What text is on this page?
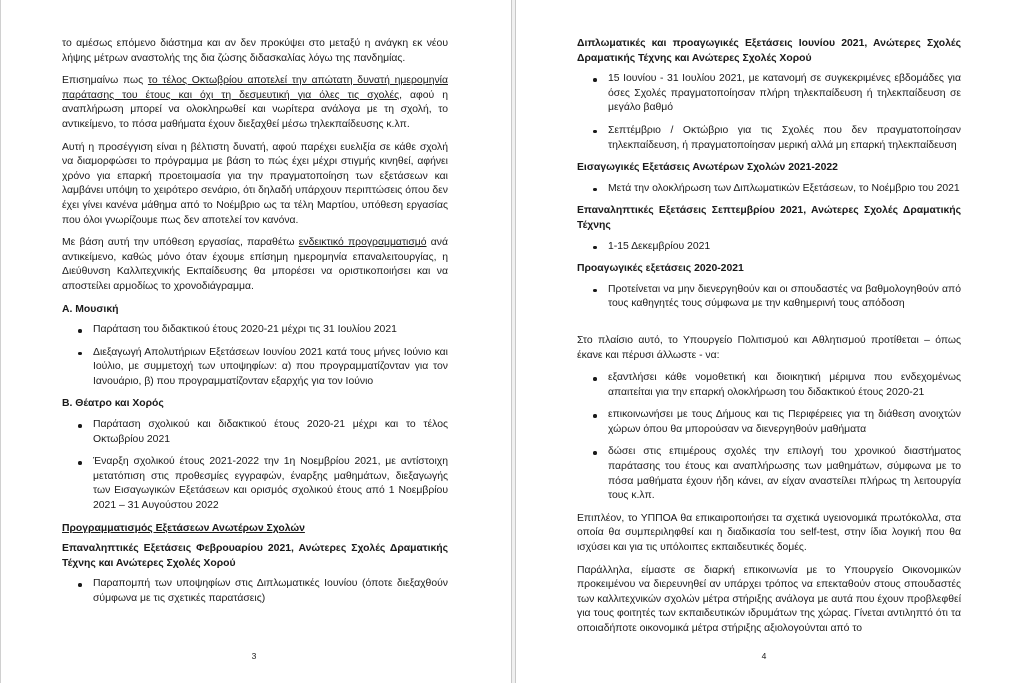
το αμέσως επόμενο διάστημα και αν δεν προκύψει στο μεταξύ η ανάγκη εκ νέου λήψης μέτρων αναστολής της δια ζώσης διδασκαλίας λόγω της πανδημίας.

Επισημαίνω πως το τέλος Οκτωβρίου αποτελεί την απώτατη δυνατή ημερομηνία παράτασης του έτους και όχι τη δεσμευτική για όλες τις σχολές, αφού η αναπλήρωση μπορεί να ολοκληρωθεί και νωρίτερα ανάλογα με τη σχολή, το αντικείμενο, το πόσα μαθήματα έχουν διεξαχθεί μέσω τηλεκπαίδευσης κ.λπ.

Αυτή η προσέγγιση είναι η βέλτιστη δυνατή, αφού παρέχει ευελιξία σε κάθε σχολή να διαμορφώσει το πρόγραμμα με βάση το πώς έχει μέχρι στιγμής κινηθεί, αφήνει χρόνο για επαρκή προετοιμασία για την πραγματοποίηση των εξετάσεων και λαμβάνει υπόψη το χειρότερο σενάριο, ότι δηλαδή υπάρχουν περιπτώσεις όπου δεν έχει γίνει κανένα μάθημα από το Νοέμβριο ως τα τέλη Μαρτίου, υπόθεση εργασίας που όλοι γνωρίζουμε πως δεν αποτελεί τον κανόνα.

Με βάση αυτή την υπόθεση εργασίας, παραθέτω ενδεικτικό προγραμματισμό ανά αντικείμενο, καθώς μόνο όταν έχουμε επίσημη ημερομηνία επαναλειτουργίας, η Διεύθυνση Καλλιτεχνικής Εκπαίδευσης θα μπορέσει να οριστικοποιήσει και να αποστείλει αρμοδίως το χρονοδιάγραμμα.

Α. Μουσική
Παράταση του διδακτικού έτους 2020-21 μέχρι τις 31 Ιουλίου 2021
Διεξαγωγή Απολυτήριων Εξετάσεων Ιουνίου 2021 κατά τους μήνες Ιούνιο και Ιούλιο, με συμμετοχή των υποψηφίων: α) που προγραμματίζονταν για τον Ιανουάριο, β) που προγραμματίζονταν εξαρχής για τον Ιούνιο
Β. Θέατρο και Χορός
Παράταση σχολικού και διδακτικού έτους 2020-21 μέχρι και το τέλος Οκτωβρίου 2021
Έναρξη σχολικού έτους 2021-2022 την 1η Νοεμβρίου 2021, με αντίστοιχη μετατόπιση στις προθεσμίες εγγραφών, έναρξης μαθημάτων, διεξαγωγής των Εισαγωγικών Εξετάσεων και ορισμός σχολικού έτους από 1 Νοεμβρίου 2021 – 31 Αυγούστου 2022
Προγραμματισμός Εξετάσεων Ανωτέρων Σχολών
Επαναληπτικές Εξετάσεις Φεβρουαρίου 2021, Ανώτερες Σχολές Δραματικής Τέχνης και Ανώτερες Σχολές Χορού
Παραπομπή των υποψηφίων στις Διπλωματικές Ιουνίου (όποτε διεξαχθούν σύμφωνα με τις σχετικές παρατάσεις)
3
Διπλωματικές και προαγωγικές Εξετάσεις Ιουνίου 2021, Ανώτερες Σχολές Δραματικής Τέχνης και Ανώτερες Σχολές Χορού
15 Ιουνίου - 31 Ιουλίου 2021, με κατανομή σε συγκεκριμένες εβδομάδες για όσες Σχολές πραγματοποίησαν πλήρη τηλεκπαίδευση ή τηλεκπαίδευση σε μεγάλο βαθμό
Σεπτέμβριο / Οκτώβριο για τις Σχολές που δεν πραγματοποίησαν τηλεκπαίδευση, ή πραγματοποίησαν μερική αλλά μη επαρκή τηλεκπαίδευση
Εισαγωγικές Εξετάσεις Ανωτέρων Σχολών 2021-2022
Μετά την ολοκλήρωση των Διπλωματικών Εξετάσεων, το Νοέμβριο του 2021
Επαναληπτικές Εξετάσεις Σεπτεμβρίου 2021, Ανώτερες Σχολές Δραματικής Τέχνης
1-15 Δεκεμβρίου 2021
Προαγωγικές εξετάσεις 2020-2021
Προτείνεται να μην διενεργηθούν και οι σπουδαστές να βαθμολογηθούν από τους καθηγητές τους σύμφωνα με την καθημερινή τους απόδοση

Στο πλαίσιο αυτό, το Υπουργείο Πολιτισμού και Αθλητισμού προτίθεται – όπως έκανε και πέρυσι άλλωστε - να:

εξαντλήσει κάθε νομοθετική και διοικητική μέριμνα που ενδεχομένως απαιτείται για την επαρκή ολοκλήρωση του διδακτικού έτους 2020-21
επικοινωνήσει με τους Δήμους και τις Περιφέρειες για τη διάθεση ανοιχτών χώρων όπου θα μπορούσαν να διενεργηθούν μαθήματα
δώσει στις επιμέρους σχολές την επιλογή του χρονικού διαστήματος παράτασης του έτους και αναπλήρωσης των μαθημάτων, σύμφωνα με το πόσα μαθήματα έχουν ήδη κάνει, αν είχαν αναστείλει πλήρως τη λειτουργία τους κ.λπ.

Επιπλέον, το ΥΠΠΟΑ θα επικαιροποιήσει τα σχετικά υγειονομικά πρωτόκολλα, στα οποία θα συμπεριληφθεί και η διαδικασία του self-test, στην ίδια λογική που θα ισχύσει και για τις υπόλοιπες εκπαιδευτικές δομές.

Παράλληλα, είμαστε σε διαρκή επικοινωνία με το Υπουργείο Οικονομικών προκειμένου να διερευνηθεί αν υπάρχει τρόπος να επεκταθούν στους σπουδαστές των καλλιτεχνικών σχολών μέτρα στήριξης ανάλογα με αυτά που έχουν προβλεφθεί για τους φοιτητές των εκπαιδευτικών ιδρυμάτων της χώρας. Γίνεται αντιληπτό ότι τα οποιαδήποτε οικονομικά μέτρα στήριξης αξιολογούνται από το

4
